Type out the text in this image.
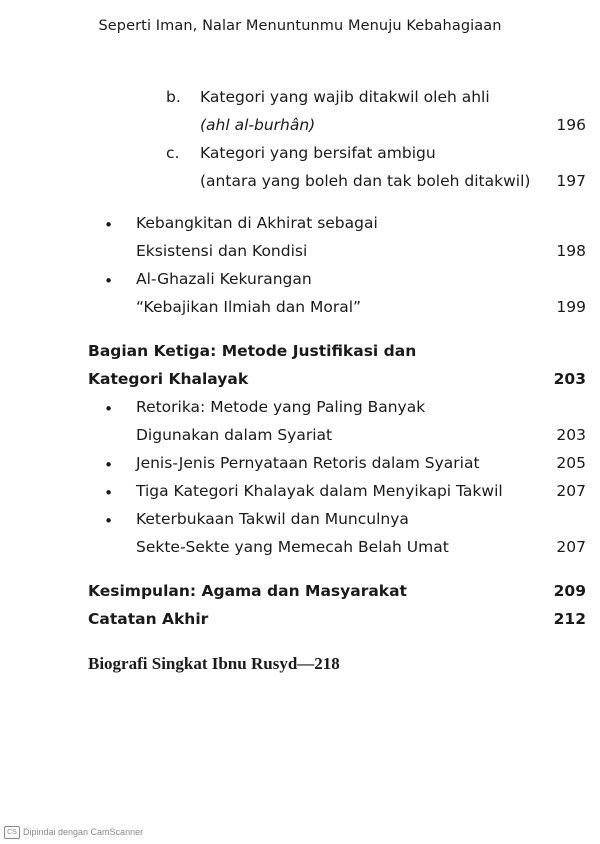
Seperti Iman, Nalar Menuntunmu Menuju Kebahagiaan
b. Kategori yang wajib ditakwil oleh ahli
(ahl al-burhân)	196
c. Kategori yang bersifat ambigu
(antara yang boleh dan tak boleh ditakwil) 197
• Kebangkitan di Akhirat sebagai
Eksistensi dan Kondisi	198
• Al-Ghazali Kekurangan
“Kebajikan Ilmiah dan Moral”	199
Bagian Ketiga: Metode Justifikasi dan
Kategori Khalayak	203
• Retorika: Metode yang Paling Banyak
Digunakan dalam Syariat	203
• Jenis-Jenis Pernyataan Retoris dalam Syariat	205
• Tiga Kategori Khalayak dalam Menyikapi Takwil	207
• Keterbukaan Takwil dan Munculnya
Sekte-Sekte yang Memecah Belah Umat	207
Kesimpulan: Agama dan Masyarakat	209
Catatan Akhir	212
Biografi Singkat Ibnu Rusyd—218
CS Dipindai dengan CamScanner
